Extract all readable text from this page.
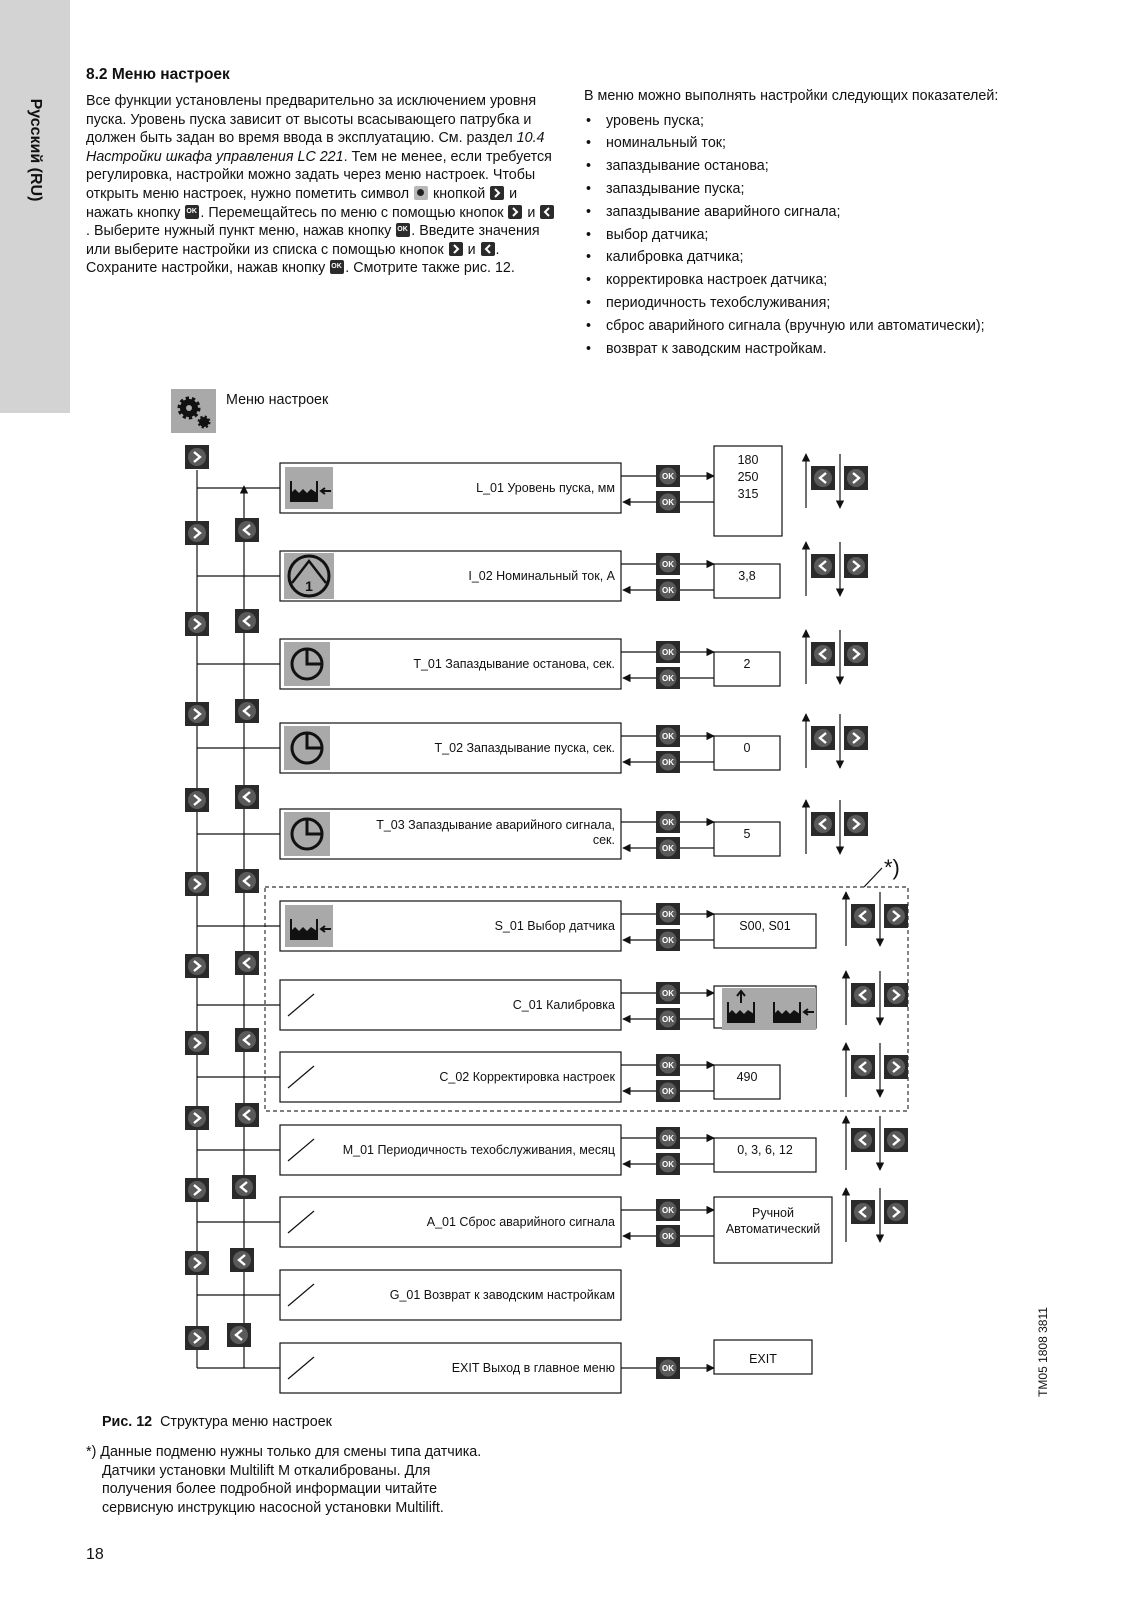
Русский (RU)
8.2 Меню настроек
Все функции установлены предварительно за исключением уровня пуска. Уровень пуска зависит от высоты всасывающего патрубка и должен быть задан во время ввода в эксплуатацию. См. раздел 10.4 Настройки шкафа управления LC 221. Тем не менее, если требуется регулировка, настройки можно задать через меню настроек. Чтобы открыть меню настроек, нужно пометить символ  кнопкой
и нажать кнопку OK. Перемещайтесь по меню с помощью кнопок
и
. Выберите нужный пункт меню, нажав кнопку OK. Введите значения или выберите настройки из списка с помощью кнопок
и
. Сохраните настройки, нажав кнопку OK. Смотрите также рис. 12.
В меню можно выполнять настройки следующих показателей:
• уровень пуска;
• номинальный ток;
• запаздывание останова;
• запаздывание пуска;
• запаздывание аварийного сигнала;
• выбор датчика;
• калибровка датчика;
• корректировка настроек датчика;
• периодичность техобслуживания;
• сброс аварийного сигнала (вручную или автоматически);
• возврат к заводским настройкам.
Меню настроек
*)
L_01 Уровень пуска, мм
OK
OK
180
250
315
1
I_02 Номинальный ток, А
OK
OK
3,8
T_01 Запаздывание останова, сек.
OK
OK
2
T_02 Запаздывание пуска, сек.
OK
OK
0
T_03 Запаздывание аварийного сигнала,
сек.
OK
OK
5
S_01 Выбор датчика
OK
OK
S00, S01
C_01 Калибровка
OK
OK
C_02 Корректировка настроек
OK
OK
490
M_01 Периодичность техобслуживания, месяц
OK
OK
0, 3, 6, 12
A_01 Сброс аварийного сигнала
OK
OK
Ручной
Автоматический
G_01 Возврат к заводским настройкам
EXIT Выход в главное меню	OK
EXIT
Рис. 12 Структура меню настроек
*) Данные подменю нужны только для смены типа датчика.
Датчики установки Multilift M откалиброваны. Для
получения более подробной информации читайте
сервисную инструкцию насосной установки Multilift.
18
TM05 1808 3811
